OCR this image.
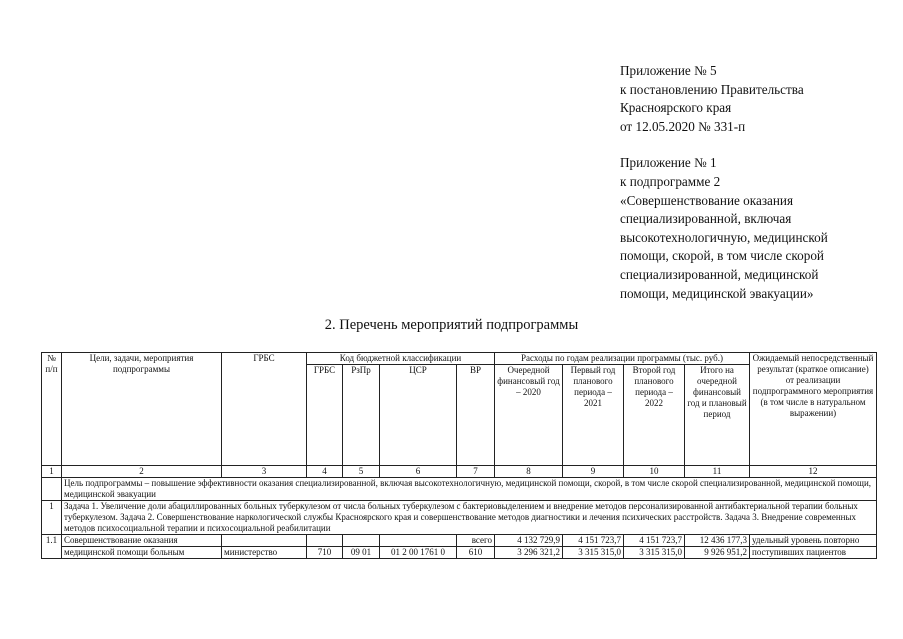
Приложение № 5
к постановлению Правительства
Красноярского края
от 12.05.2020 № 331-п
Приложение № 1
к подпрограмме 2
«Совершенствование оказания
специализированной, включая
высокотехнологичную, медицинской
помощи, скорой, в том числе скорой
специализированной, медицинской
помощи, медицинской эвакуации»
2. Перечень мероприятий подпрограммы
№ п/п	Цели, задачи, мероприятия подпрограммы	ГРБС	Код бюджетной классификации				Расходы по годам реализации программы (тыс. руб.)				Ожидаемый непосредственный результат (краткое описание) от реализации подпрограммного мероприятия (в том числе в натуральном выражении)
			ГРБС	РзПр	ЦСР	ВР	Очередной финансовый год – 2020	Первый год планового периода – 2021	Второй год планового периода – 2022	Итого на очередной финансовый год и плановый период	
1	2	3	4	5	6	7	8	9	10	11	12
	Цель подпрограммы – повышение эффективности оказания специализированной, включая высокотехнологичную, медицинской помощи, скорой, в том числе скорой специализированной, медицинской помощи, медицинской эвакуации										
1	Задача 1. Увеличение доли абациллированных больных туберкулезом от числа больных туберкулезом с бактериовыделением и внедрение методов персонализированной антибактериальной терапии больных туберкулезом. Задача 2. Совершенствование наркологической службы Красноярского края и совершенствование методов диагностики и лечения психических расстройств. Задача 3. Внедрение современных методов психосоциальной терапии и психосоциальной реабилитации										
1.1	Совершенствование оказания					всего	4 132 729,9	4 151 723,7	4 151 723,7	12 436 177,3	удельный уровень повторно
	медицинской помощи больным	министерство	710	09 01	01 2 00 1761 0	610	3 296 321,2	3 315 315,0	3 315 315,0	9 926 951,2	поступивших пациентов
